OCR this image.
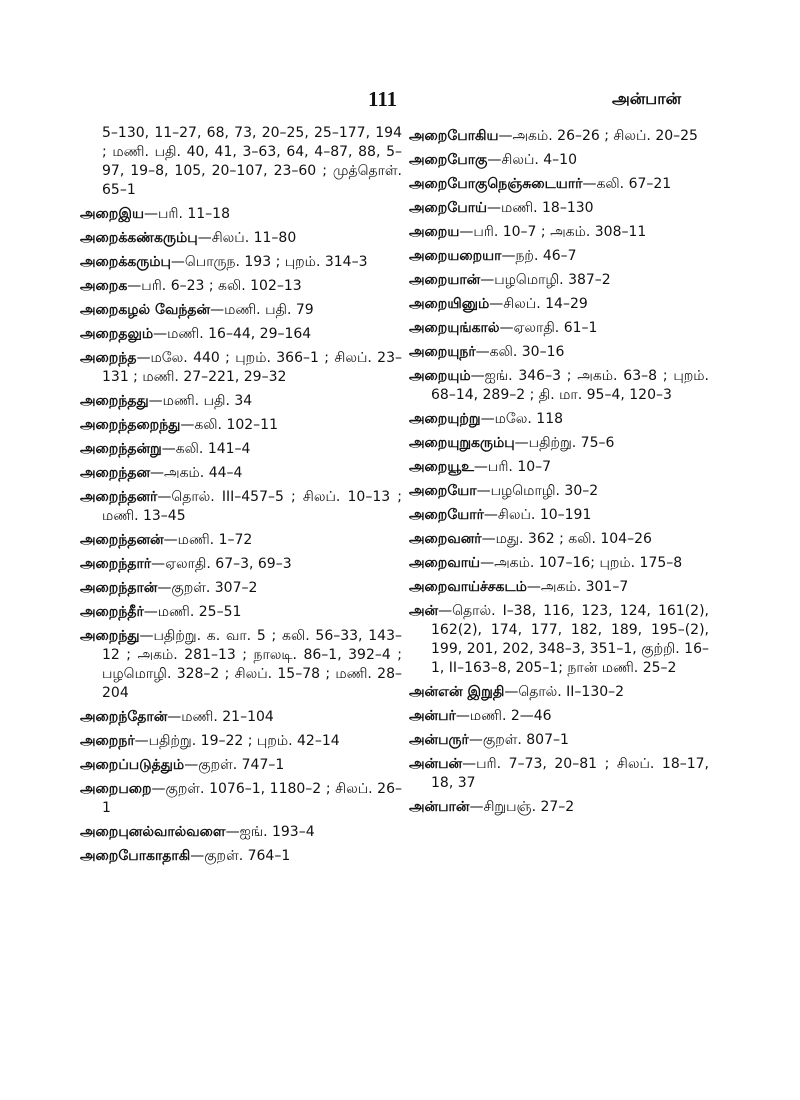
111	அன்பான்

5–130, 11–27, 68, 73, 20–25, 25–177, 194 ; மணி. பதி. 40, 41, 3–63, 64, 4–87, 88, 5–97, 19–8, 105, 20–107, 23–60 ; முத்தொள். 65–1

அறைஇய—பரி. 11–18

அறைக்கண்கரும்பு—சிலப். 11–80

அறைக்கரும்பு—பொருந. 193 ; புறம். 314–3

அறைக—பரி. 6–23 ; கலி. 102–13

அறைகழல் வேந்தன்—மணி. பதி. 79

அறைதலும்—மணி. 16–44, 29–164

அறைந்த—மலே. 440 ; புறம். 366–1 ; சிலப். 23–131 ; மணி. 27–221, 29–32

அறைந்தது—மணி. பதி. 34

அறைந்தறைந்து—கலி. 102–11

அறைந்தன்று—கலி. 141–4

அறைந்தன—அகம். 44–4

அறைந்தனர்—தொல். III–457–5 ; சிலப். 10–13 ; மணி. 13–45

அறைந்தனன்—மணி. 1–72

அறைந்தார்—ஏலாதி. 67–3, 69–3

அறைந்தான்—குறள். 307–2

அறைந்தீர்—மணி. 25–51

அறைந்து—பதிற்று. க. வா. 5 ; கலி. 56–33, 143–12 ; அகம். 281–13 ; நாலடி. 86–1, 392–4 ; பழமொழி. 328–2 ; சிலப். 15–78 ; மணி. 28–204

அறைந்தோன்—மணி. 21–104

அறைநர்—பதிற்று. 19–22 ; புறம். 42–14

அறைப்படுத்தும்—குறள். 747–1

அறைபறை—குறள். 1076–1, 1180–2 ; சிலப். 26–1

அறைபுனல்வால்வளை—ஐங். 193–4

அறைபோகாதாகி—குறள். 764–1

அறைபோகிய—அகம். 26–26 ; சிலப். 20–25

அறைபோகு—சிலப். 4–10

அறைபோகுநெஞ்சுடையார்—கலி. 67–21

அறைபோய்—மணி. 18–130

அறைய—பரி. 10–7 ; அகம். 308–11

அறையறையா—நற். 46–7

அறையான்—பழமொழி. 387–2

அறையினும்—சிலப். 14–29

அறையுங்கால்—ஏலாதி. 61–1

அறையுநர்—கலி. 30–16

அறையும்—ஐங். 346–3 ; அகம். 63–8 ; புறம். 68–14, 289–2 ; தி. மா. 95–4, 120–3

அறையுற்று—மலே. 118

அறையுறுகரும்பு—பதிற்று. 75–6

அறையூஉ—பரி. 10–7

அறையோ—பழமொழி. 30–2

அறையோர்—சிலப். 10–191

அறைவனர்—மது. 362 ; கலி. 104–26

அறைவாய்—அகம். 107–16; புறம். 175–8

அறைவாய்ச்சகடம்—அகம். 301–7

அன்—தொல். I–38, 116, 123, 124, 161(2), 162(2), 174, 177, 182, 189, 195–(2), 199, 201, 202, 348–3, 351–1, குற்றி. 16–1, II–163–8, 205–1; நான் மணி. 25–2

அன்என் இறுதி—தொல். II–130–2

அன்பர்—மணி. 2—46

அன்பருர்—குறள். 807–1

அன்பன்—பரி. 7–73, 20–81 ; சிலப். 18–17, 18, 37

அன்பான்—சிறுபஞ். 27–2
